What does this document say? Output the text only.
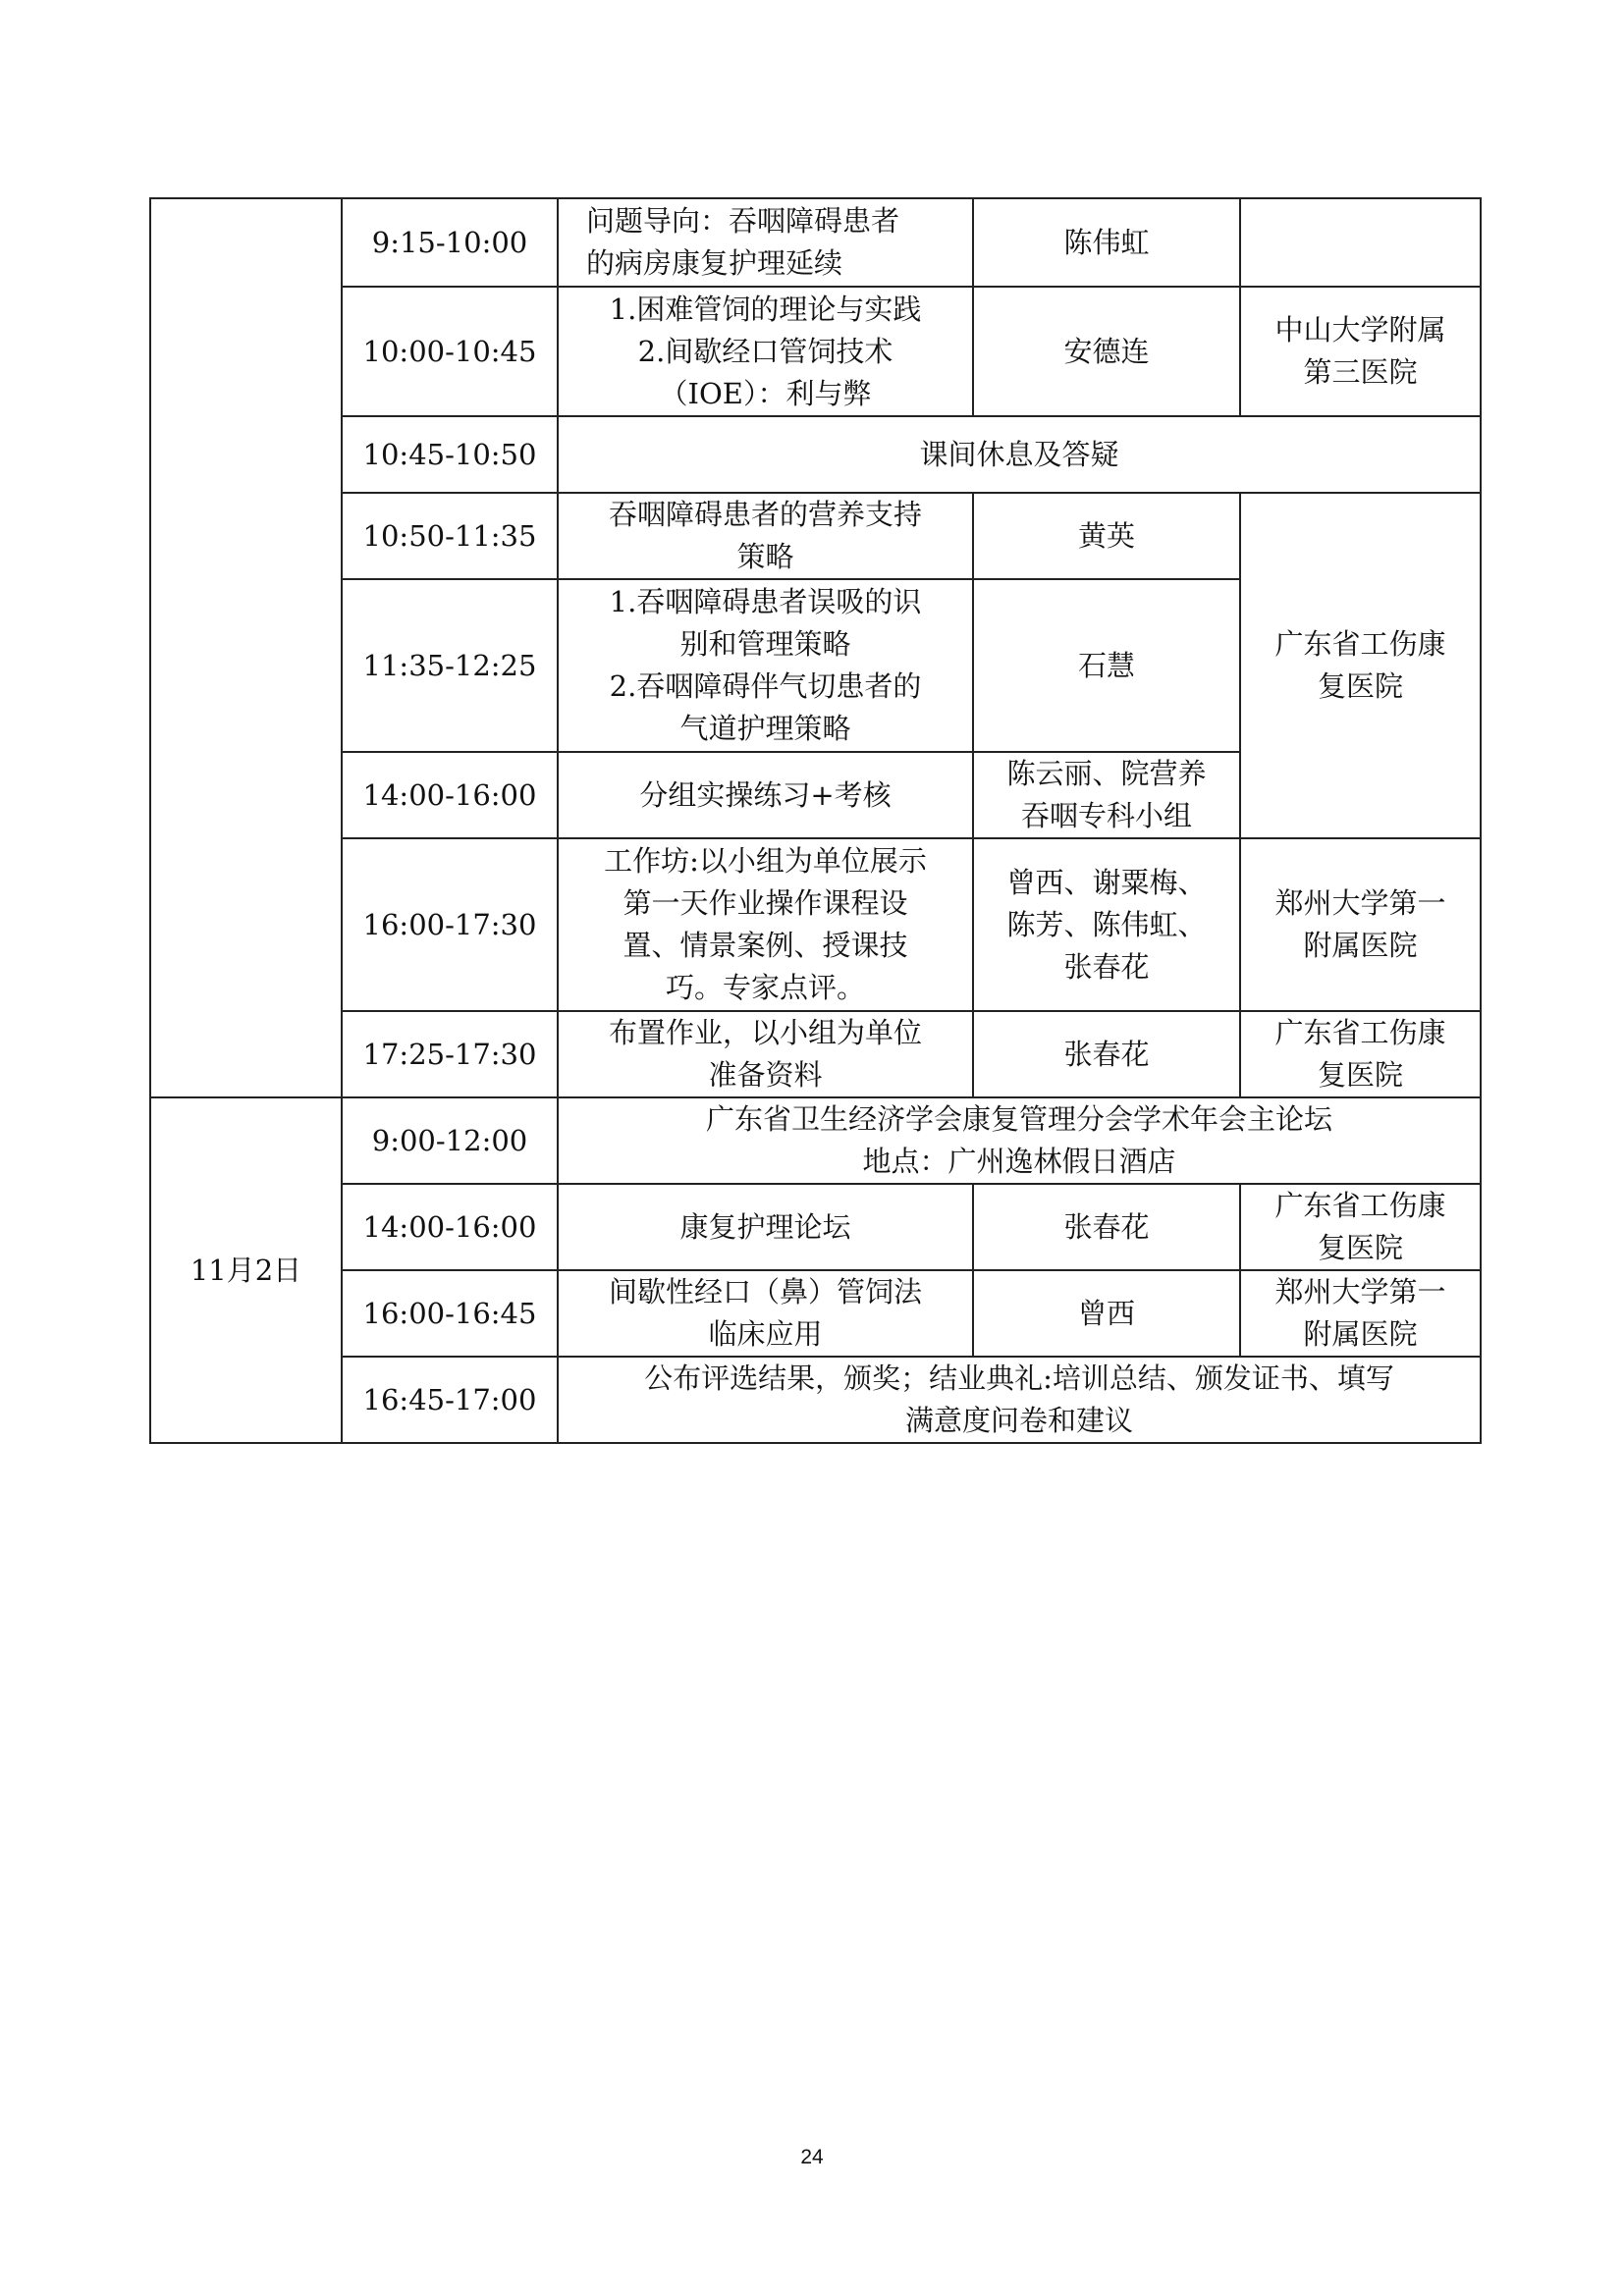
	9:15-10:00	问题导向：吞咽障碍患者
的病房康复护理延续	陈伟虹	
	10:00-10:45	1.困难管饲的理论与实践
2.间歇经口管饲技术
（IOE）：利与弊	安德连	中山大学附属
第三医院

	10:45-10:50	课间休息及答疑		
	10:50-11:35	吞咽障碍患者的营养支持
策略	黄英	广东省工伤康
复医院

	11:35-12:25	1.吞咽障碍患者误吸的识
别和管理策略
2.吞咽障碍伴气切患者的
气道护理策略	石慧	
	14:00-16:00	分组实操练习+考核	陈云丽、院营养
吞咽专科小组	

	16:00-17:30	工作坊:以小组为单位展示
第一天作业操作课程设
置、情景案例、授课技
巧。专家点评。	曾西、谢粟梅、
陈芳、陈伟虹、
张春花	郑州大学第一
附属医院

	17:25-17:30	布置作业，以小组为单位
准备资料	张春花	广东省工伤康
复医院

11月2日	9:00-12:00	广东省卫生经济学会康复管理分会学术年会主论坛
地点：广州逸林假日酒店		

	14:00-16:00	康复护理论坛	张春花	广东省工伤康
复医院

	16:00-16:45	间歇性经口（鼻）管饲法
临床应用	曾西	郑州大学第一
附属医院

	16:45-17:00	公布评选结果，颁奖；结业典礼:培训总结、颁发证书、填写
满意度问卷和建议		
24
